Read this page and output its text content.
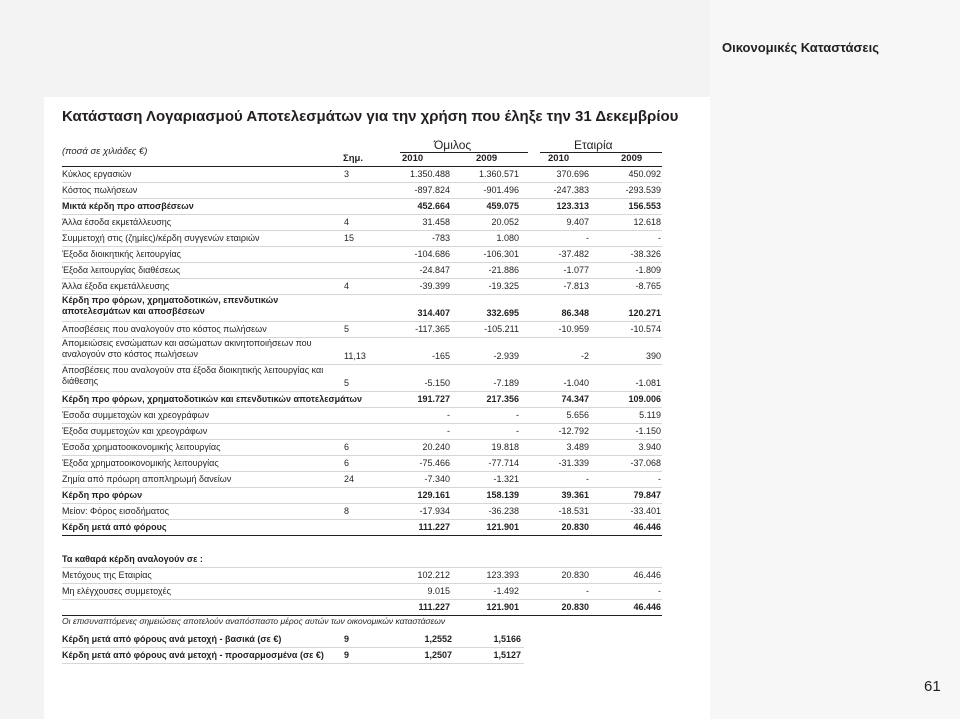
Οικονομικές Καταστάσεις
61
Κατάσταση Λογαριασμού Αποτελεσμάτων για την χρήση που έληξε την 31 Δεκεμβρίου
(ποσά σε χιλιάδες €)	Όμιλος	Εταιρία
Σημ.	2010	2009	2010	2009
Κύκλος εργασιών	3	1.350.488	1.360.571	370.696	450.092
Κόστος πωλήσεων	-897.824	-901.496	-247.383	-293.539
Μικτά κέρδη προ αποσβέσεων	452.664	459.075	123.313	156.553
Άλλα έσοδα εκμετάλλευσης	4	31.458	20.052	9.407	12.618
Συμμετοχή στις (ζημίες)/κέρδη συγγενών εταιριών	15	-783	1.080	-	-
Έξοδα διοικητικής λειτουργίας	-104.686	-106.301	-37.482	-38.326
Έξοδα λειτουργίας διαθέσεως	-24.847	-21.886	-1.077	-1.809
Άλλα έξοδα εκμετάλλευσης	4	-39.399	-19.325	-7.813	-8.765
Κέρδη προ φόρων, χρηματοδοτικών, επενδυτικών αποτελεσμάτων και αποσβέσεων	314.407	332.695	86.348	120.271
Αποσβέσεις που αναλογούν στο κόστος πωλήσεων	5	-117.365	-105.211	-10.959	-10.574
Απομειώσεις ενσώματων και ασώματων ακινητοποιήσεων που αναλογούν στο κόστος πωλήσεων	11,13	-165	-2.939	-2	390
Αποσβέσεις που αναλογούν στα έξοδα διοικητικής λειτουργίας και διάθεσης	5	-5.150	-7.189	-1.040	-1.081
Κέρδη προ φόρων, χρηματοδοτικών και επενδυτικών αποτελεσμάτων	191.727	217.356	74.347	109.006
Έσοδα συμμετοχών και χρεογράφων	-	-	5.656	5.119
Έξοδα συμμετοχών και χρεογράφων	-	-	-12.792	-1.150
Έσοδα χρηματοοικονομικής λειτουργίας	6	20.240	19.818	3.489	3.940
Έξοδα χρηματοοικονομικής λειτουργίας	6	-75.466	-77.714	-31.339	-37.068
Ζημία από πρόωρη αποπληρωμή δανείων	24	-7.340	-1.321	-	-
Κέρδη προ φόρων	129.161	158.139	39.361	79.847
Μείον: Φόρος εισοδήματος	8	-17.934	-36.238	-18.531	-33.401
Κέρδη μετά από φόρους	111.227	121.901	20.830	46.446
Τα καθαρά κέρδη αναλογούν σε :
Μετόχους της Εταιρίας	102.212	123.393	20.830	46.446
Μη ελέγχουσες συμμετοχές	9.015	-1.492	-	-
111.227	121.901	20.830	46.446
Κέρδη μετά από φόρους ανά μετοχή - βασικά (σε €)	9	1,2552	1,5166
Κέρδη μετά από φόρους ανά μετοχή - προσαρμοσμένα (σε €) 9	1,2507	1,5127
Οι επισυναπτόμενες σημειώσεις αποτελούν αναπόσπαστο μέρος αυτών των οικονομικών καταστάσεων
